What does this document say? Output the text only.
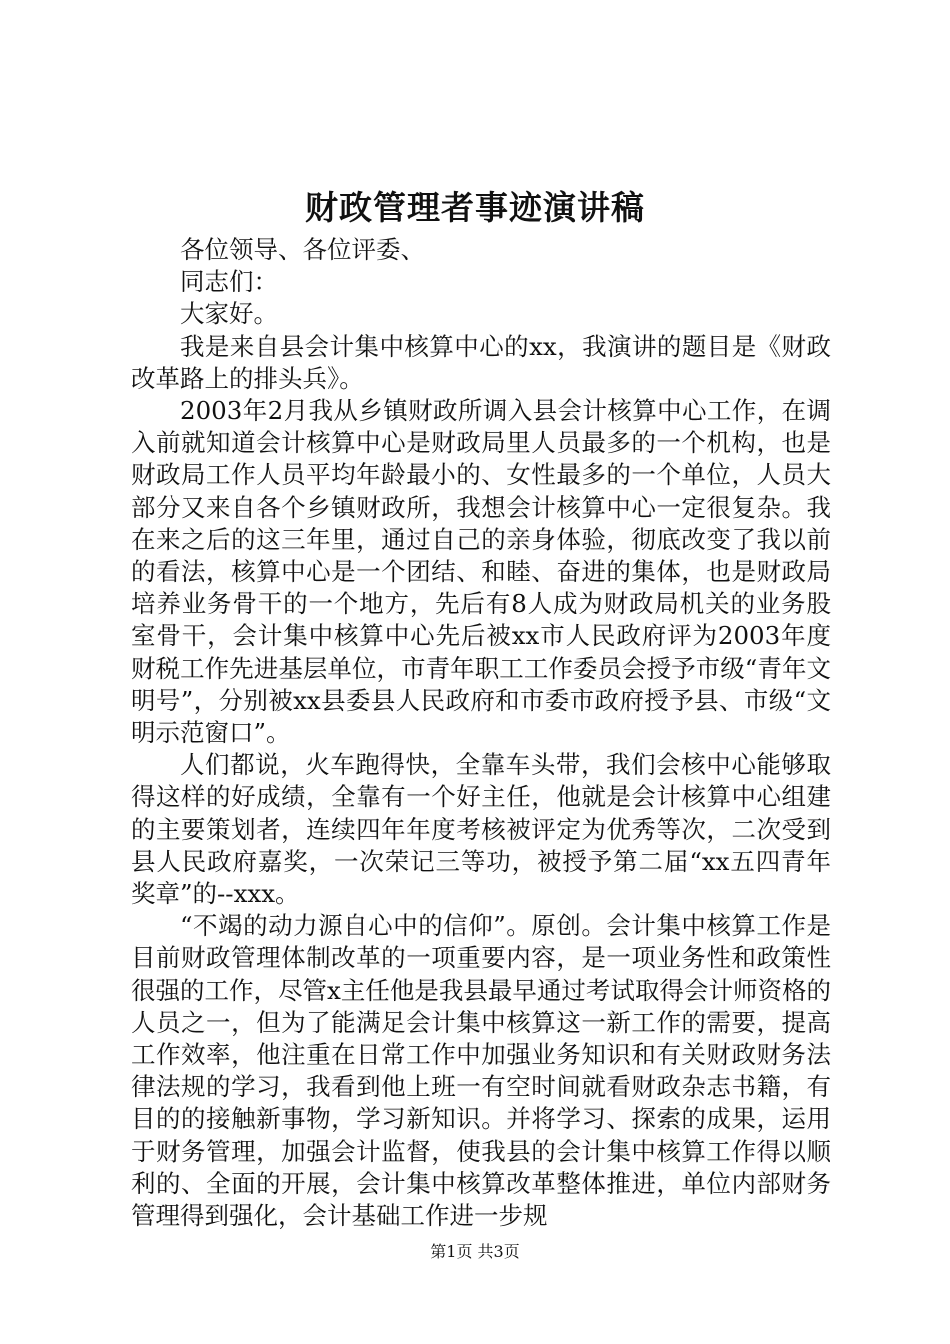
财政管理者事迹演讲稿

各位领导、各位评委、

同志们：

大家好。

我是来自县会计集中核算中心的xx，我演讲的题目是《财政改革路上的排头兵》。

2003年2月我从乡镇财政所调入县会计核算中心工作，在调入前就知道会计核算中心是财政局里人员最多的一个机构，也是财政局工作人员平均年龄最小的、女性最多的一个单位，人员大部分又来自各个乡镇财政所，我想会计核算中心一定很复杂。我在来之后的这三年里，通过自己的亲身体验，彻底改变了我以前的看法，核算中心是一个团结、和睦、奋进的集体，也是财政局培养业务骨干的一个地方，先后有8人成为财政局机关的业务股室骨干，会计集中核算中心先后被xx市人民政府评为2003年度财税工作先进基层单位，市青年职工工作委员会授予市级“青年文明号”，分别被xx县委县人民政府和市委市政府授予县、市级“文明示范窗口”。

人们都说，火车跑得快，全靠车头带，我们会核中心能够取得这样的好成绩，全靠有一个好主任，他就是会计核算中心组建的主要策划者，连续四年年度考核被评定为优秀等次，二次受到县人民政府嘉奖，一次荣记三等功，被授予第二届“xx五四青年奖章”的--xxx。

“不竭的动力源自心中的信仰”。原创。会计集中核算工作是目前财政管理体制改革的一项重要内容，是一项业务性和政策性很强的工作，尽管x主任他是我县最早通过考试取得会计师资格的人员之一，但为了能满足会计集中核算这一新工作的需要，提高工作效率，他注重在日常工作中加强业务知识和有关财政财务法律法规的学习，我看到他上班一有空时间就看财政杂志书籍，有目的的接触新事物，学习新知识。并将学习、探索的成果，运用于财务管理，加强会计监督，使我县的会计集中核算工作得以顺利的、全面的开展，会计集中核算改革整体推进，单位内部财务管理得到强化，会计基础工作进一步规

第1页 共3页
